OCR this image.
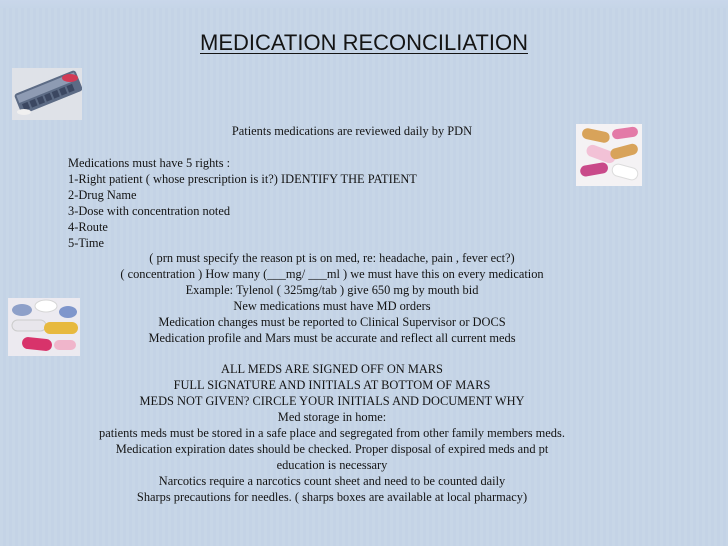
MEDICATION RECONCILIATION
Patients medications are reviewed daily by PDN
Medications must have 5 rights :
1-Right patient ( whose prescription is it?) IDENTIFY THE PATIENT
2-Drug Name
3-Dose with concentration noted
4-Route
5-Time
( prn must specify the reason pt is on med, re: headache, pain , fever ect?)
( concentration ) How many (___mg/ ___ml ) we must have this on every medication
Example: Tylenol ( 325mg/tab ) give 650 mg by mouth bid
New medications must have MD orders
Medication changes must be reported to Clinical Supervisor or DOCS
Medication profile and Mars must be accurate and reflect all current meds
ALL MEDS ARE SIGNED OFF ON MARS
FULL SIGNATURE AND INITIALS AT BOTTOM OF MARS
MEDS NOT GIVEN? CIRCLE YOUR INITIALS AND DOCUMENT WHY
Med storage in home:
patients meds must be stored in a safe place and segregated from other family members meds.
Medication expiration dates should be checked. Proper disposal of expired meds and pt
education is necessary
Narcotics require a narcotics count sheet and need to be counted daily
Sharps precautions for needles. ( sharps boxes are available at local pharmacy)
